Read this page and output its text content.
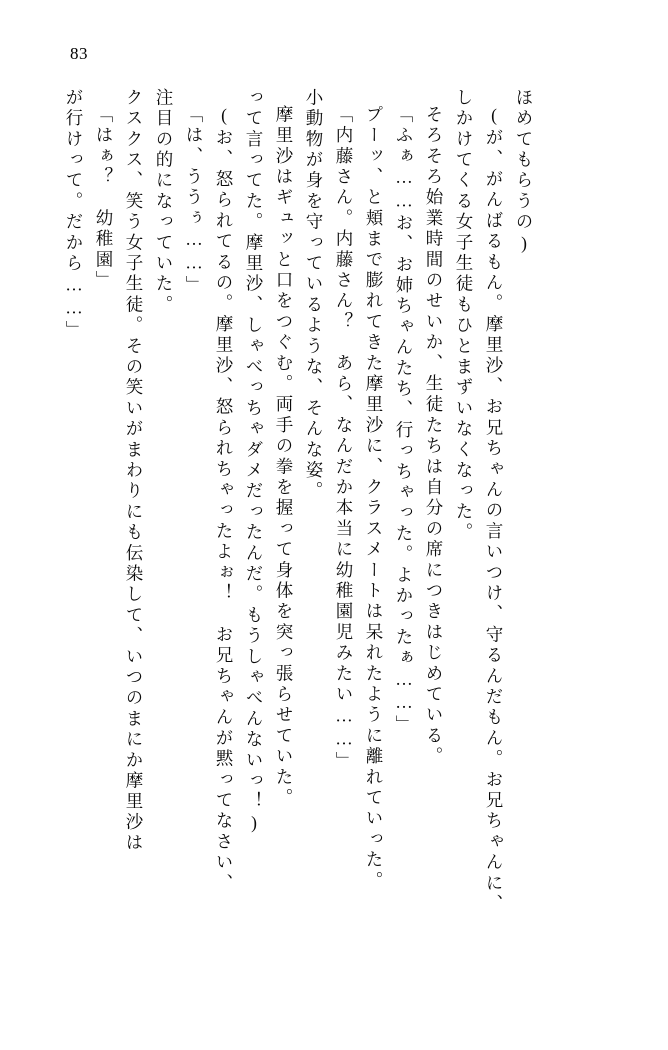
83
が行けって。だから……」 「はぁ？　幼稚園」 クスクス、笑う女子生徒。その笑いがまわりにも伝染して、いつのまにか摩里沙は 注目の的になっていた。 「は、ううぅ……」 (お、怒られてるの。摩里沙、怒られちゃったよぉ！　お兄ちゃんが黙ってなさい、 って言ってた。摩里沙、しゃべっちゃダメだったんだ。もうしゃべんないっ！) 摩里沙はギュッと口をつぐむ。両手の拳を握って身体を突っ張らせていた。 小動物が身を守っているような、そんな姿。 「内藤さん。内藤さん？　あら、なんだか本当に幼稚園児みたい……」 プーッ、と頬まで膨れてきた摩里沙に、クラスメートは呆れたように離れていった。 「ふぁ……お、お姉ちゃんたち、行っちゃった。よかったぁ……」 そろそろ始業時間のせいか、生徒たちは自分の席につきはじめている。 しかけてくる女子生徒もひとまずいなくなった。 (が、がんばるもん。摩里沙、お兄ちゃんの言いつけ、守るんだもん。お兄ちゃんに、 ほめてもらうの)
